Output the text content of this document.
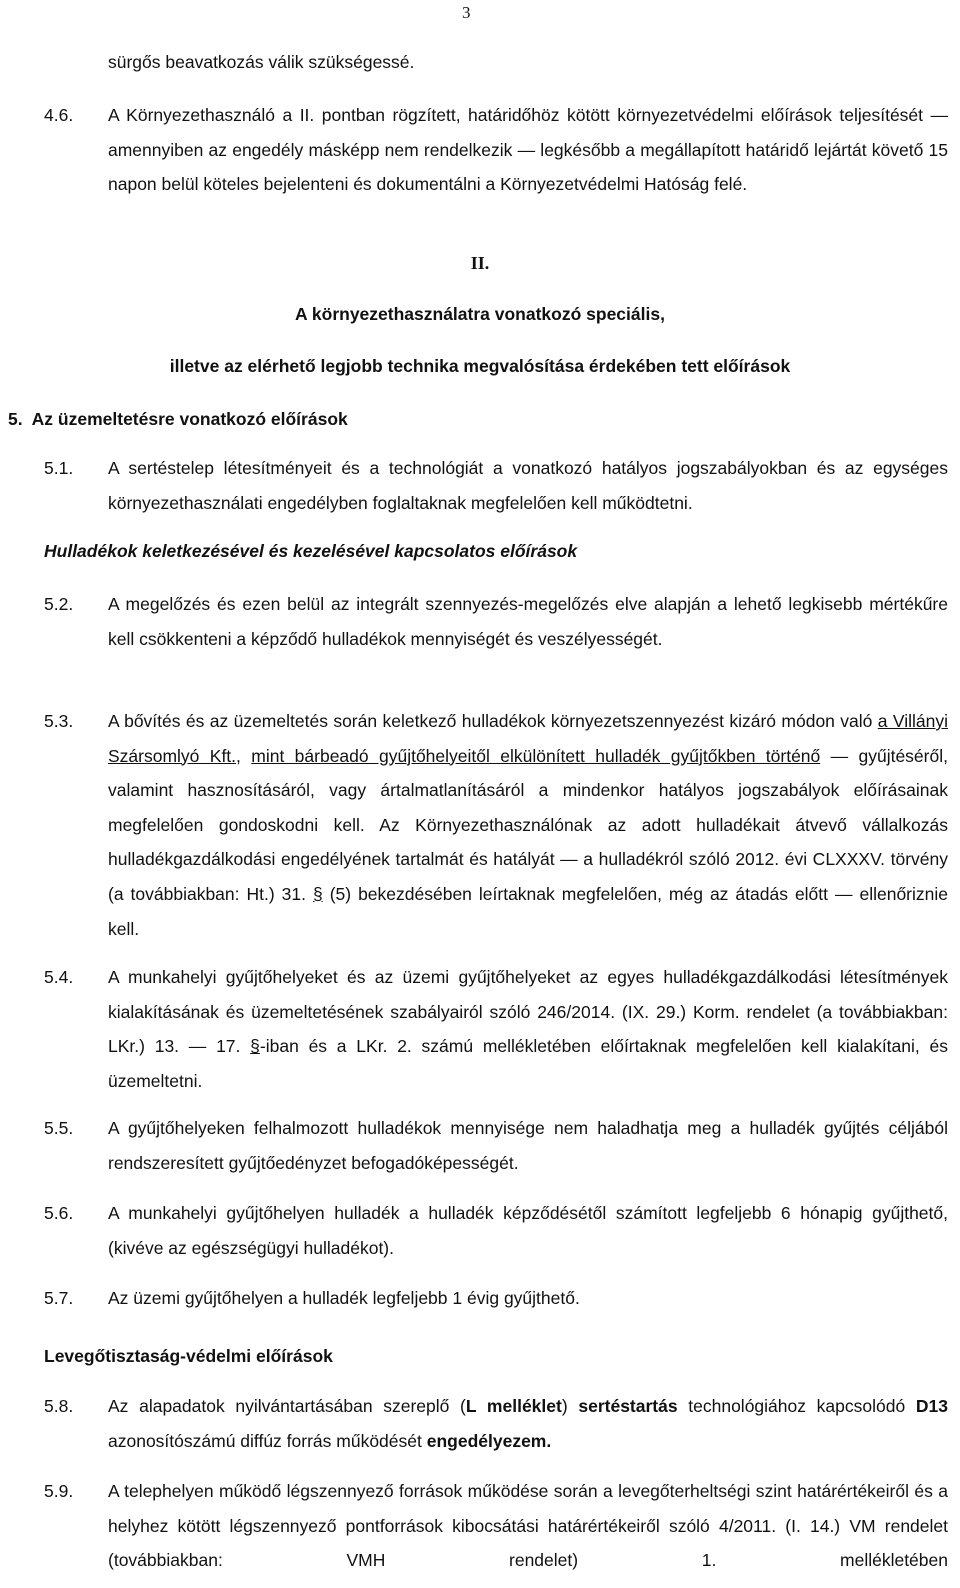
3
sürgős beavatkozás válik szükségessé.
4.6. A Környezethasználó a II. pontban rögzített, határidőhöz kötött környezetvédelmi előírások teljesítését ― amennyiben az engedély másképp nem rendelkezik ― legkésőbb a megállapított határidő lejártát követő 15 napon belül köteles bejelenteni és dokumentálni a Környezetvédelmi Hatóság felé.
II.
A környezethasználatra vonatkozó speciális,
illetve az elérhető legjobb technika megvalósítása érdekében tett előírások
5.  Az üzemeltetésre vonatkozó előírások
5.1. A sertéstelep létesítményeit és a technológiát a vonatkozó hatályos jogszabályokban és az egységes környezethasználati engedélyben foglaltaknak megfelelően kell működtetni.
Hulladékok keletkezésével és kezelésével kapcsolatos előírások
5.2. A megelőzés és ezen belül az integrált szennyezés-megelőzés elve alapján a lehető legkisebb mértékűre kell csökkenteni a képződő hulladékok mennyiségét és veszélyességét.
5.3. A bővítés és az üzemeltetés során keletkező hulladékok környezetszennyezést kizáró módon való a Villányi Szársomlyó Kft., mint bárbeadó gyűjtőhelyeitől elkülönített hulladék gyűjtőkben történő ― gyűjtéséről, valamint hasznosításáról, vagy ártalmatlanításáról a mindenkor hatályos jogszabályok előírásainak megfelelően gondoskodni kell. Az Környezethasználónak az adott hulladékait átvevő vállalkozás hulladékgazdálkodási engedélyének tartalmát és hatályát ― a hulladékról szóló 2012. évi CLXXXV. törvény (a továbbiakban: Ht.) 31. § (5) bekezdésében leírtaknak megfelelően, még az átadás előtt ― ellenőriznie kell.
5.4. A munkahelyi gyűjtőhelyeket és az üzemi gyűjtőhelyeket az egyes hulladékgazdálkodási létesítmények kialakításának és üzemeltetésének szabályairól szóló 246/2014. (IX. 29.) Korm. rendelet (a továbbiakban: LKr.) 13. ― 17. §-iban és a LKr. 2. számú mellékletében előírtaknak megfelelően kell kialakítani, és üzemeltetni.
5.5. A gyűjtőhelyeken felhalmozott hulladékok mennyisége nem haladhatja meg a hulladék gyűjtés céljából rendszeresített gyűjtőedényzet befogadóképességét.
5.6. A munkahelyi gyűjtőhelyen hulladék a hulladék képződésétől számított legfeljebb 6 hónapig gyűjthető, (kivéve az egészségügyi hulladékot).
5.7. Az üzemi gyűjtőhelyen a hulladék legfeljebb 1 évig gyűjthető.
Levegőtisztaság-védelmi előírások
5.8. Az alapadatok nyilvántartásában szereplő (L melléklet) sertéstartás technológiához kapcsolódó D13 azonosítószámú diffúz forrás működését engedélyezem.
5.9. A telephelyen működő légszennyező források működése során a levegőterheltségi szint határértékeiről és a helyhez kötött légszennyező pontforrások kibocsátási határértékeiről szóló 4/2011. (I. 14.) VM rendelet (továbbiakban: VMH rendelet) 1. mellékletében
